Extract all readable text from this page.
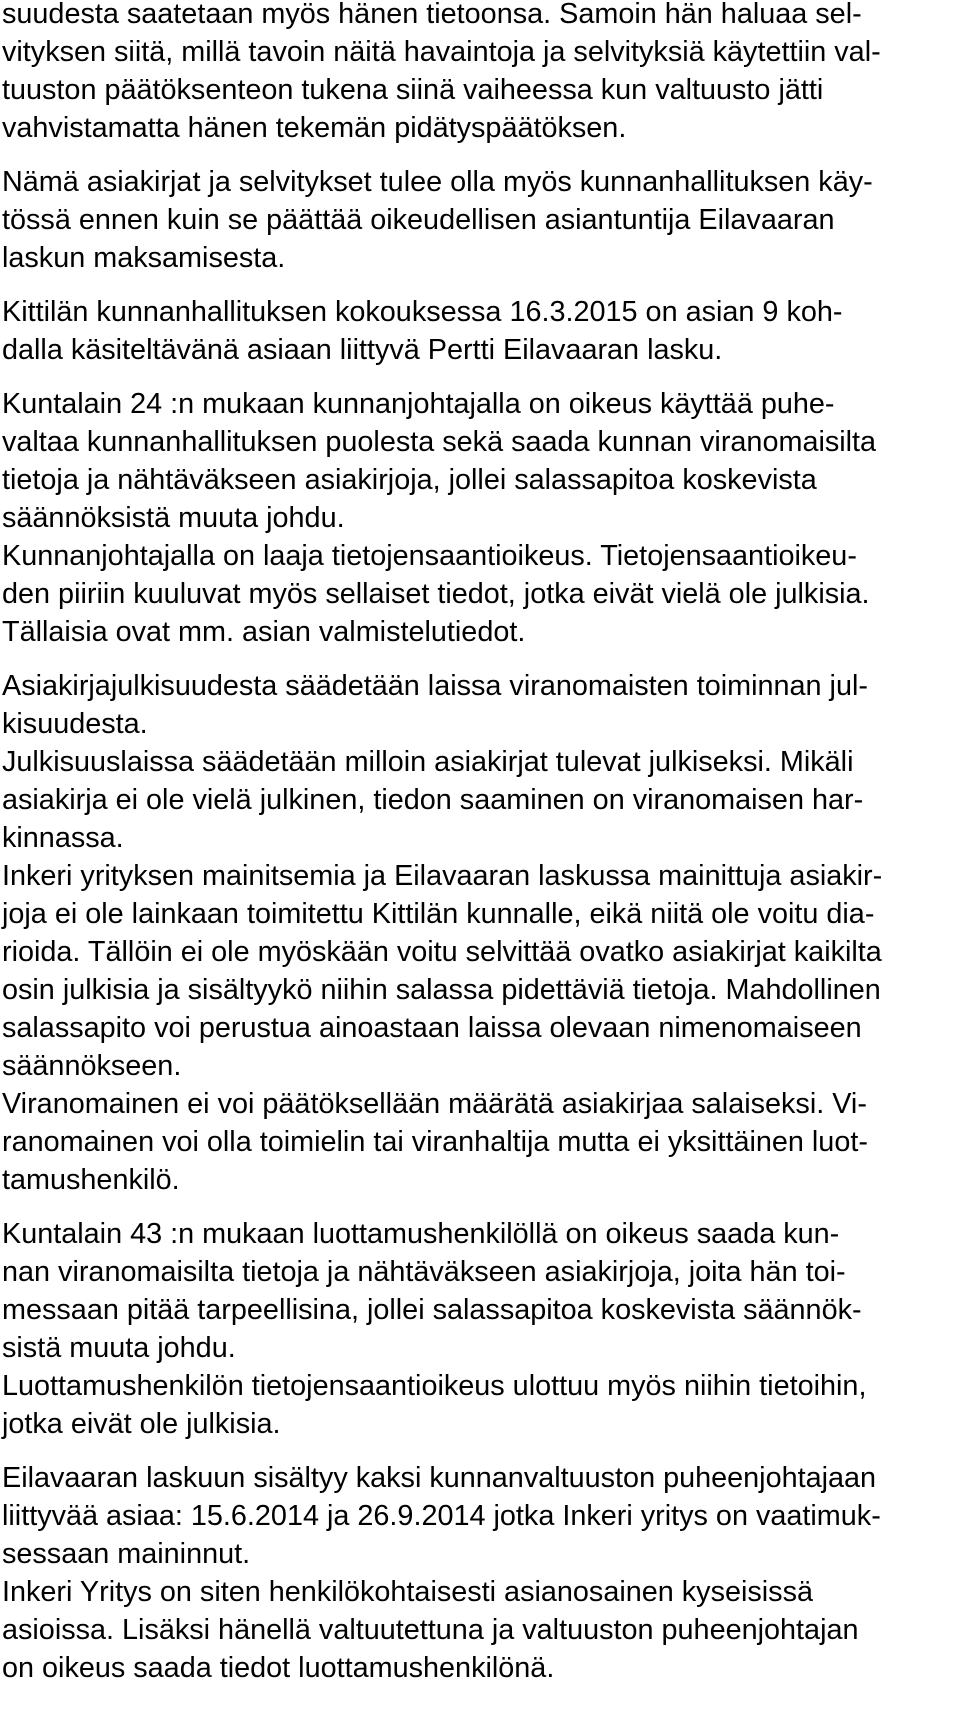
suudesta saatetaan myös hänen tietoonsa. Samoin hän haluaa sel-
vityksen siitä, millä tavoin näitä havaintoja ja selvityksiä käytettiin val-
tuuston päätöksenteon tukena siinä vaiheessa kun valtuusto jätti
vahvistamatta hänen tekemän pidätyspäätöksen.
Nämä asiakirjat ja selvitykset tulee olla myös kunnanhallituksen käy-
tössä ennen kuin se päättää oikeudellisen asiantuntija Eilavaaran
laskun maksamisesta.
Kittilän kunnanhallituksen kokouksessa 16.3.2015 on asian 9 koh-
dalla käsiteltävänä asiaan liittyvä Pertti Eilavaaran lasku.
Kuntalain 24 :n mukaan kunnanjohtajalla on oikeus käyttää puhe-
valtaa kunnanhallituksen puolesta sekä saada kunnan viranomaisilta
tietoja ja nähtäväkseen asiakirjoja, jollei salassapitoa koskevista
säännöksistä muuta johdu.
Kunnanjohtajalla on laaja tietojensaantioikeus. Tietojensaantioikeu-
den piiriin kuuluvat myös sellaiset tiedot, jotka eivät vielä ole julkisia.
Tällaisia ovat mm. asian valmistelutiedot.
Asiakirjajulkisuudesta säädetään laissa viranomaisten toiminnan jul-
kisuudesta.
Julkisuuslaissa säädetään milloin asiakirjat tulevat julkiseksi. Mikäli
asiakirja ei ole vielä julkinen, tiedon saaminen on viranomaisen har-
kinnassa.
Inkeri yrityksen mainitsemia ja Eilavaaran laskussa mainittuja asiakir-
joja ei ole lainkaan toimitettu Kittilän kunnalle, eikä niitä ole voitu dia-
rioida. Tällöin ei ole myöskään voitu selvittää ovatko asiakirjat kaikilta
osin julkisia ja sisältyykö niihin salassa pidettäviä tietoja. Mahdollinen
salassapito voi perustua ainoastaan laissa olevaan nimenomaiseen
säännökseen.
Viranomainen ei voi päätöksellään määrätä asiakirjaa salaiseksi. Vi-
ranomainen voi olla toimielin tai viranhaltija mutta ei yksittäinen luot-
tamushenkilö.
Kuntalain 43 :n mukaan luottamushenkilöllä on oikeus saada kun-
nan viranomaisilta tietoja ja nähtäväkseen asiakirjoja, joita hän toi-
messaan pitää tarpeellisina, jollei salassapitoa koskevista säännök-
sistä muuta johdu.
Luottamushenkilön tietojensaantioikeus ulottuu myös niihin tietoihin,
jotka eivät ole julkisia.
Eilavaaran laskuun sisältyy kaksi kunnanvaltuuston puheenjohtajaan
liittyvää asiaa: 15.6.2014 ja 26.9.2014 jotka Inkeri yritys on vaatimuk-
sessaan maininnut.
Inkeri Yritys on siten henkilökohtaisesti asianosainen kyseisissä
asioissa. Lisäksi hänellä valtuutettuna ja valtuuston puheenjohtajan
on oikeus saada tiedot luottamushenkilönä.
